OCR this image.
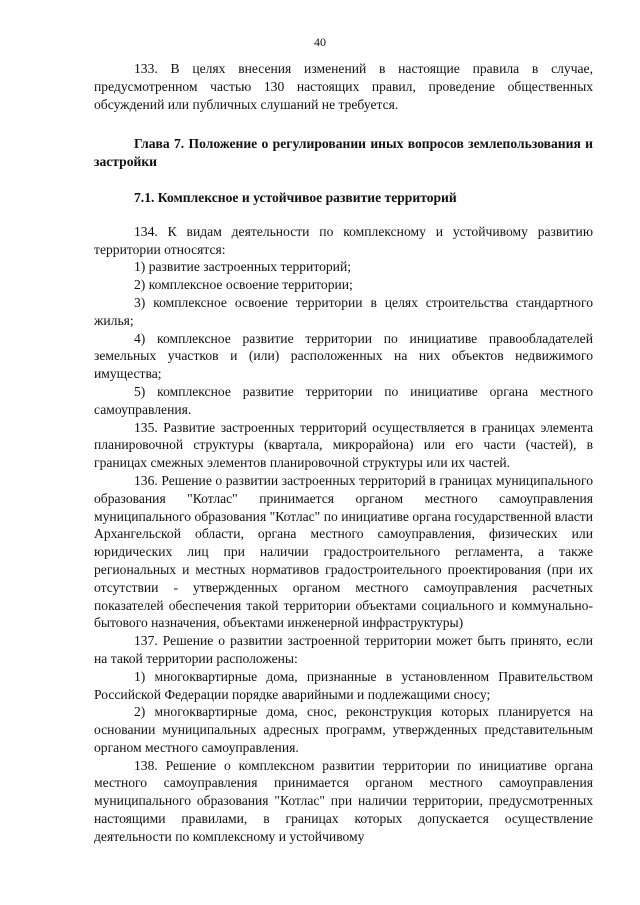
40

133. В целях внесения изменений в настоящие правила в случае, предусмотренном частью 130 настоящих правил, проведение общественных обсуждений или публичных слушаний не требуется.

Глава 7. Положение о регулировании иных вопросов землепользования и застройки

7.1. Комплексное и устойчивое развитие территорий

134. К видам деятельности по комплексному и устойчивому развитию территории относятся:

1) развитие застроенных территорий;

2) комплексное освоение территории;

3) комплексное освоение территории в целях строительства стандартного жилья;

4) комплексное развитие территории по инициативе правообладателей земельных участков и (или) расположенных на них объектов недвижимого имущества;

5) комплексное развитие территории по инициативе органа местного самоуправления.

135. Развитие застроенных территорий осуществляется в границах элемента планировочной структуры (квартала, микрорайона) или его части (частей), в границах смежных элементов планировочной структуры или их частей.

136. Решение о развитии застроенных территорий в границах муниципального образования "Котлас" принимается органом местного самоуправления муниципального образования "Котлас" по инициативе органа государственной власти Архангельской области, органа местного самоуправления, физических или юридических лиц при наличии градостроительного регламента, а также региональных и местных нормативов градостроительного проектирования (при их отсутствии - утвержденных органом местного самоуправления расчетных показателей обеспечения такой территории объектами социального и коммунально-бытового назначения, объектами инженерной инфраструктуры)

137. Решение о развитии застроенной территории может быть принято, если на такой территории расположены:

1) многоквартирные дома, признанные в установленном Правительством Российской Федерации порядке аварийными и подлежащими сносу;

2) многоквартирные дома, снос, реконструкция которых планируется на основании муниципальных адресных программ, утвержденных представительным органом местного самоуправления.

138. Решение о комплексном развитии территории по инициативе органа местного самоуправления принимается органом местного самоуправления муниципального образования "Котлас" при наличии территории, предусмотренных настоящими правилами, в границах которых допускается осуществление деятельности по комплексному и устойчивому
